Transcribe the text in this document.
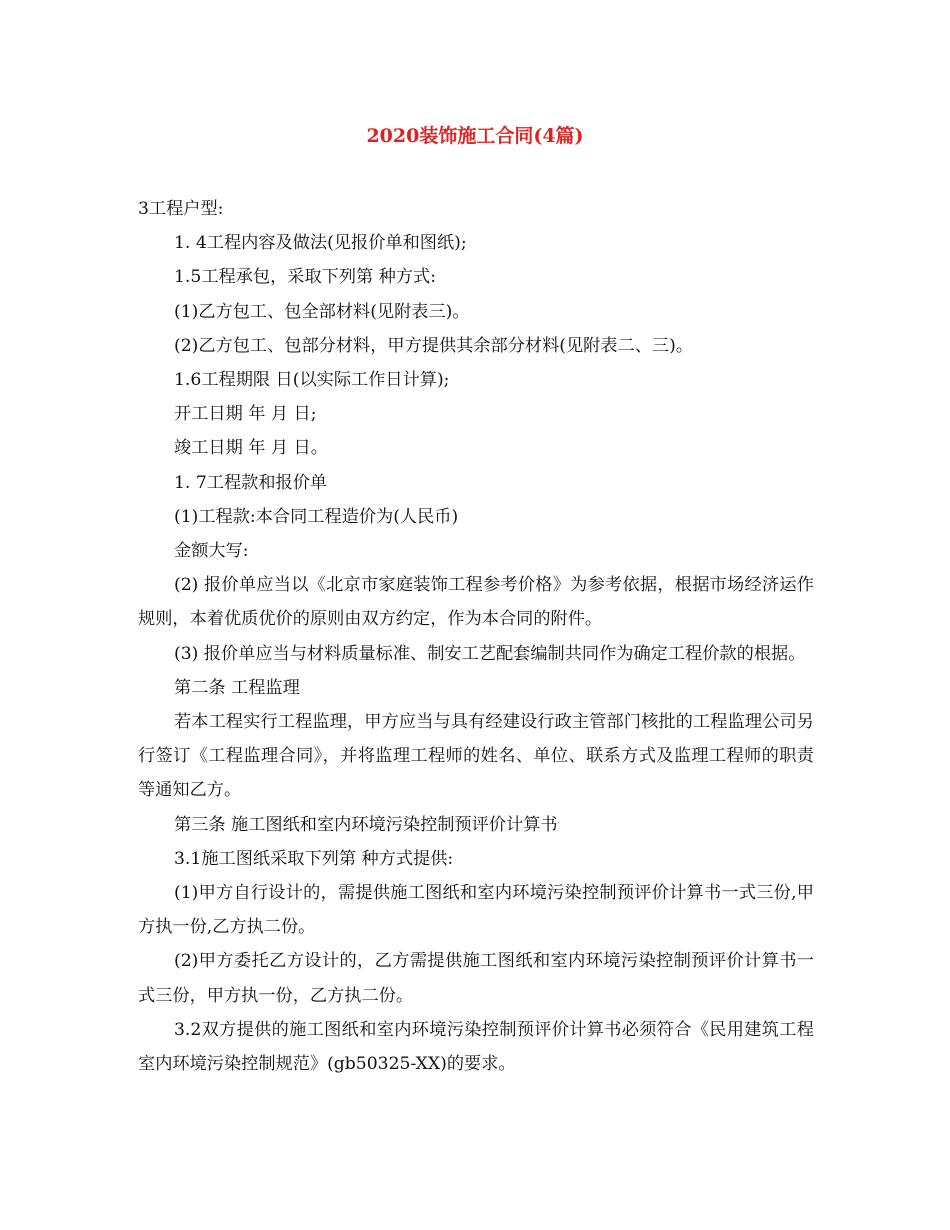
2020装饰施工合同(4篇)

3工程户型:

1. 4工程内容及做法(见报价单和图纸);

1.5工程承包，采取下列第 种方式:

(1)乙方包工、包全部材料(见附表三)。

(2)乙方包工、包部分材料，甲方提供其余部分材料(见附表二、三)。

1.6工程期限 日(以实际工作日计算);

开工日期 年 月 日;

竣工日期 年 月 日。

1. 7工程款和报价单

(1)工程款:本合同工程造价为(人民币)

金额大写:

(2) 报价单应当以《北京市家庭装饰工程参考价格》为参考依据，根据市场经济运作规则，本着优质优价的原则由双方约定，作为本合同的附件。

(3) 报价单应当与材料质量标准、制安工艺配套编制共同作为确定工程价款的根据。

第二条 工程监理

若本工程实行工程监理，甲方应当与具有经建设行政主管部门核批的工程监理公司另行签订《工程监理合同》，并将监理工程师的姓名、单位、联系方式及监理工程师的职责等通知乙方。

第三条 施工图纸和室内环境污染控制预评价计算书

3.1施工图纸采取下列第 种方式提供:

(1)甲方自行设计的，需提供施工图纸和室内环境污染控制预评价计算书一式三份,甲方执一份,乙方执二份。

(2)甲方委托乙方设计的，乙方需提供施工图纸和室内环境污染控制预评价计算书一式三份，甲方执一份，乙方执二份。

3.2双方提供的施工图纸和室内环境污染控制预评价计算书必须符合《民用建筑工程室内环境污染控制规范》(gb50325-XX)的要求。
